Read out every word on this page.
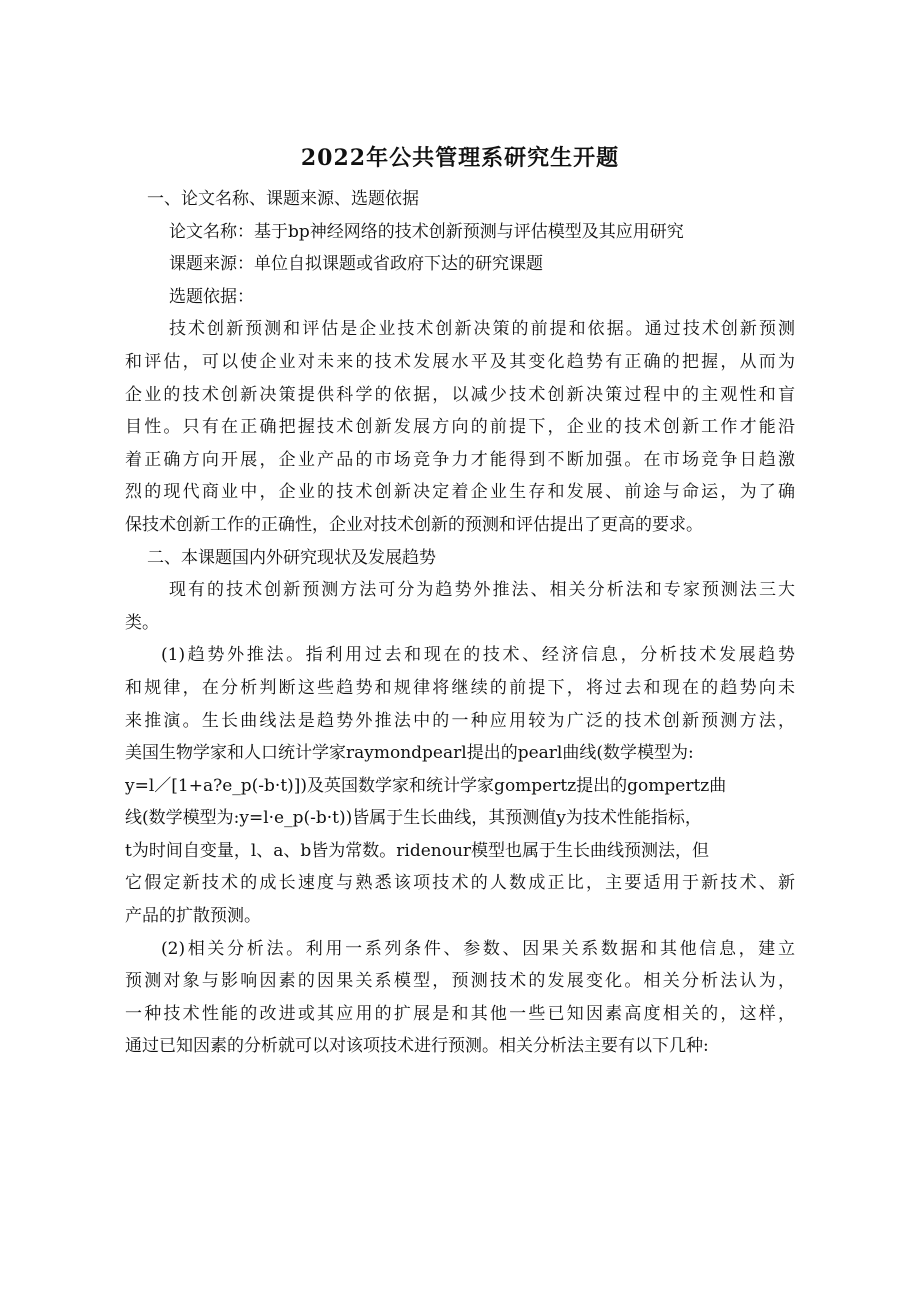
2022年公共管理系研究生开题
一、论文名称、课题来源、选题依据
论文名称：基于bp神经网络的技术创新预测与评估模型及其应用研究
课题来源：单位自拟课题或省政府下达的研究课题
选题依据：
技术创新预测和评估是企业技术创新决策的前提和依据。通过技术创新预测
和评估，可以使企业对未来的技术发展水平及其变化趋势有正确的把握，从而为
企业的技术创新决策提供科学的依据，以减少技术创新决策过程中的主观性和盲
目性。只有在正确把握技术创新发展方向的前提下，企业的技术创新工作才能沿
着正确方向开展，企业产品的市场竞争力才能得到不断加强。在市场竞争日趋激
烈的现代商业中，企业的技术创新决定着企业生存和发展、前途与命运，为了确
保技术创新工作的正确性，企业对技术创新的预测和评估提出了更高的要求。
二、本课题国内外研究现状及发展趋势
现有的技术创新预测方法可分为趋势外推法、相关分析法和专家预测法三大
类。
(1)趋势外推法。指利用过去和现在的技术、经济信息，分析技术发展趋势
和规律，在分析判断这些趋势和规律将继续的前提下，将过去和现在的趋势向未
来推演。生长曲线法是趋势外推法中的一种应用较为广泛的技术创新预测方法，
美国生物学家和人口统计学家raymondpearl提出的pearl曲线(数学模型为:
y=l／[1+a?e_p(-b·t)])及英国数学家和统计学家gompertz提出的gompertz曲
线(数学模型为:y=l·e_p(-b·t))皆属于生长曲线，其预测值y为技术性能指标，
t为时间自变量，l、a、b皆为常数。ridenour模型也属于生长曲线预测法，但
它假定新技术的成长速度与熟悉该项技术的人数成正比，主要适用于新技术、新
产品的扩散预测。
(2)相关分析法。利用一系列条件、参数、因果关系数据和其他信息，建立
预测对象与影响因素的因果关系模型，预测技术的发展变化。相关分析法认为，
一种技术性能的改进或其应用的扩展是和其他一些已知因素高度相关的，这样，
通过已知因素的分析就可以对该项技术进行预测。相关分析法主要有以下几种:
